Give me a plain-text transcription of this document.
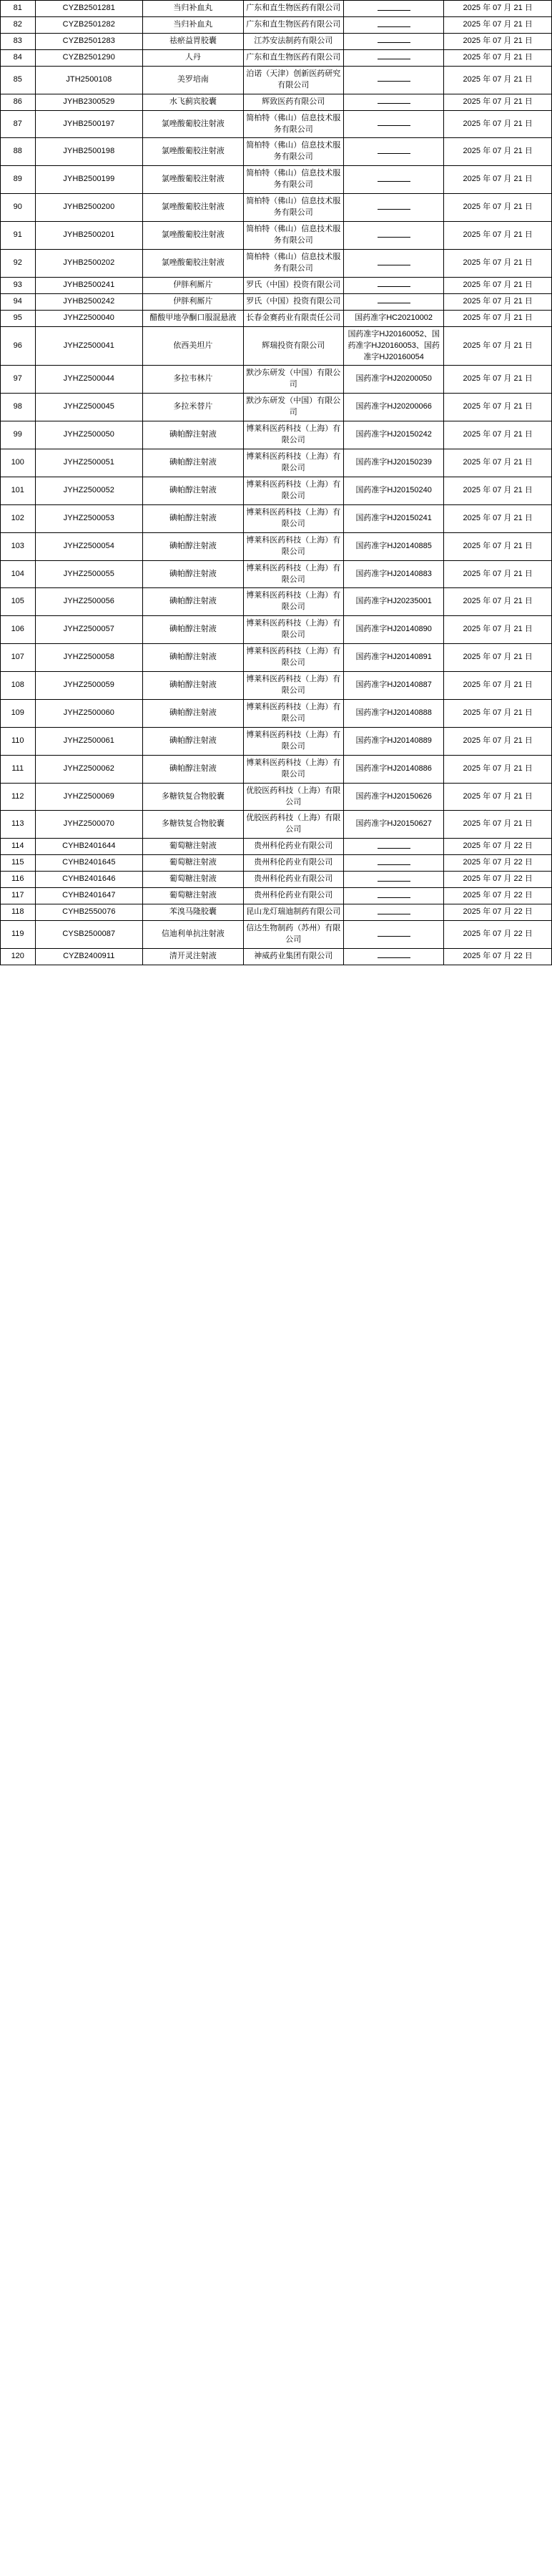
81	CYZB2501281	当归补血丸	广东和直生物医药有限公司		2025 年 07 月 21 日
82	CYZB2501282	当归补血丸	广东和直生物医药有限公司		2025 年 07 月 21 日
83	CYZB2501283	祛瘀益胃胶囊	江苏安法制药有限公司		2025 年 07 月 21 日
84	CYZB2501290	人丹	广东和直生物医药有限公司		2025 年 07 月 21 日
85	JTH2500108	美罗培南	泊诺（天津）创新医药研究有限公司		2025 年 07 月 21 日
86	JYHB2300529	水飞蓟宾胶囊	辉致医药有限公司		2025 年 07 月 21 日
87	JYHB2500197	氯唑酸葡胶注射液	简柏特（佛山）信息技术服务有限公司		2025 年 07 月 21 日
88	JYHB2500198	氯唑酸葡胶注射液	简柏特（佛山）信息技术服务有限公司		2025 年 07 月 21 日
89	JYHB2500199	氯唑酸葡胶注射液	简柏特（佛山）信息技术服务有限公司		2025 年 07 月 21 日
90	JYHB2500200	氯唑酸葡胶注射液	简柏特（佛山）信息技术服务有限公司		2025 年 07 月 21 日
91	JYHB2500201	氯唑酸葡胶注射液	简柏特（佛山）信息技术服务有限公司		2025 年 07 月 21 日
92	JYHB2500202	氯唑酸葡胶注射液	简柏特（佛山）信息技术服务有限公司		2025 年 07 月 21 日
93	JYHB2500241	伊胖利厮片	罗氏（中国）投资有限公司		2025 年 07 月 21 日
94	JYHB2500242	伊胖利厮片	罗氏（中国）投资有限公司		2025 年 07 月 21 日
95	JYHZ2500040	醋酸甲地孕酮口服混悬液	长春金赛药业有限责任公司	国药准字HC20210002	2025 年 07 月 21 日
96	JYHZ2500041	依西美坦片	辉瑞投资有限公司	国药准字HJ20160052、国药准字HJ20160053、国药准字HJ20160054	2025 年 07 月 21 日
97	JYHZ2500044	多拉韦林片	默沙东研发（中国）有限公司	国药准字HJ20200050	2025 年 07 月 21 日
98	JYHZ2500045	多拉米替片	默沙东研发（中国）有限公司	国药准字HJ20200066	2025 年 07 月 21 日
99	JYHZ2500050	碘帕醇注射液	博莱科医药科技（上海）有限公司	国药准字HJ20150242	2025 年 07 月 21 日
100	JYHZ2500051	碘帕醇注射液	博莱科医药科技（上海）有限公司	国药准字HJ20150239	2025 年 07 月 21 日
101	JYHZ2500052	碘帕醇注射液	博莱科医药科技（上海）有限公司	国药准字HJ20150240	2025 年 07 月 21 日
102	JYHZ2500053	碘帕醇注射液	博莱科医药科技（上海）有限公司	国药准字HJ20150241	2025 年 07 月 21 日
103	JYHZ2500054	碘帕醇注射液	博莱科医药科技（上海）有限公司	国药准字HJ20140885	2025 年 07 月 21 日
104	JYHZ2500055	碘帕醇注射液	博莱科医药科技（上海）有限公司	国药准字HJ20140883	2025 年 07 月 21 日
105	JYHZ2500056	碘帕醇注射液	博莱科医药科技（上海）有限公司	国药准字HJ20235001	2025 年 07 月 21 日
106	JYHZ2500057	碘帕醇注射液	博莱科医药科技（上海）有限公司	国药准字HJ20140890	2025 年 07 月 21 日
107	JYHZ2500058	碘帕醇注射液	博莱科医药科技（上海）有限公司	国药准字HJ20140891	2025 年 07 月 21 日
108	JYHZ2500059	碘帕醇注射液	博莱科医药科技（上海）有限公司	国药准字HJ20140887	2025 年 07 月 21 日
109	JYHZ2500060	碘帕醇注射液	博莱科医药科技（上海）有限公司	国药准字HJ20140888	2025 年 07 月 21 日
110	JYHZ2500061	碘帕醇注射液	博莱科医药科技（上海）有限公司	国药准字HJ20140889	2025 年 07 月 21 日
111	JYHZ2500062	碘帕醇注射液	博莱科医药科技（上海）有限公司	国药准字HJ20140886	2025 年 07 月 21 日
112	JYHZ2500069	多糖铁复合物胶囊	优胶医药科技（上海）有限公司	国药准字HJ20150626	2025 年 07 月 21 日
113	JYHZ2500070	多糖铁复合物胶囊	优胶医药科技（上海）有限公司	国药准字HJ20150627	2025 年 07 月 21 日
114	CYHB2401644	葡萄糖注射液	贵州科伦药业有限公司		2025 年 07 月 22 日
115	CYHB2401645	葡萄糖注射液	贵州科伦药业有限公司		2025 年 07 月 22 日
116	CYHB2401646	葡萄糖注射液	贵州科伦药业有限公司		2025 年 07 月 22 日
117	CYHB2401647	葡萄糖注射液	贵州科伦药业有限公司		2025 年 07 月 22 日
118	CYHB2550076	苯溴马隆胶囊	昆山龙灯瑞迪制药有限公司		2025 年 07 月 22 日
119	CYSB2500087	信迪利单抗注射液	信达生物制药（苏州）有限公司		2025 年 07 月 22 日
120	CYZB2400911	清开灵注射液	神威药业集团有限公司		2025 年 07 月 22 日
